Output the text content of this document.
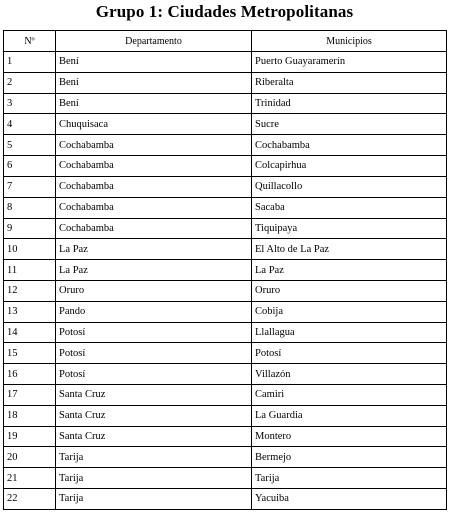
Grupo 1: Ciudades Metropolitanas
Nº	Departamento	Municipios
1	Bení	Puerto Guayaramerín
2	Bení	Riberalta
3	Bení	Trinidad
4	Chuquisaca	Sucre
5	Cochabamba	Cochabamba
6	Cochabamba	Colcapirhua
7	Cochabamba	Quillacollo
8	Cochabamba	Sacaba
9	Cochabamba	Tiquipaya
10	La Paz	El Alto de La Paz
11	La Paz	La Paz
12	Oruro	Oruro
13	Pando	Cobija
14	Potosí	Llallagua
15	Potosí	Potosí
16	Potosí	Villazón
17	Santa Cruz	Camiri
18	Santa Cruz	La Guardia
19	Santa Cruz	Montero
20	Tarija	Bermejo
21	Tarija	Tarija
22	Tarija	Yacuiba
